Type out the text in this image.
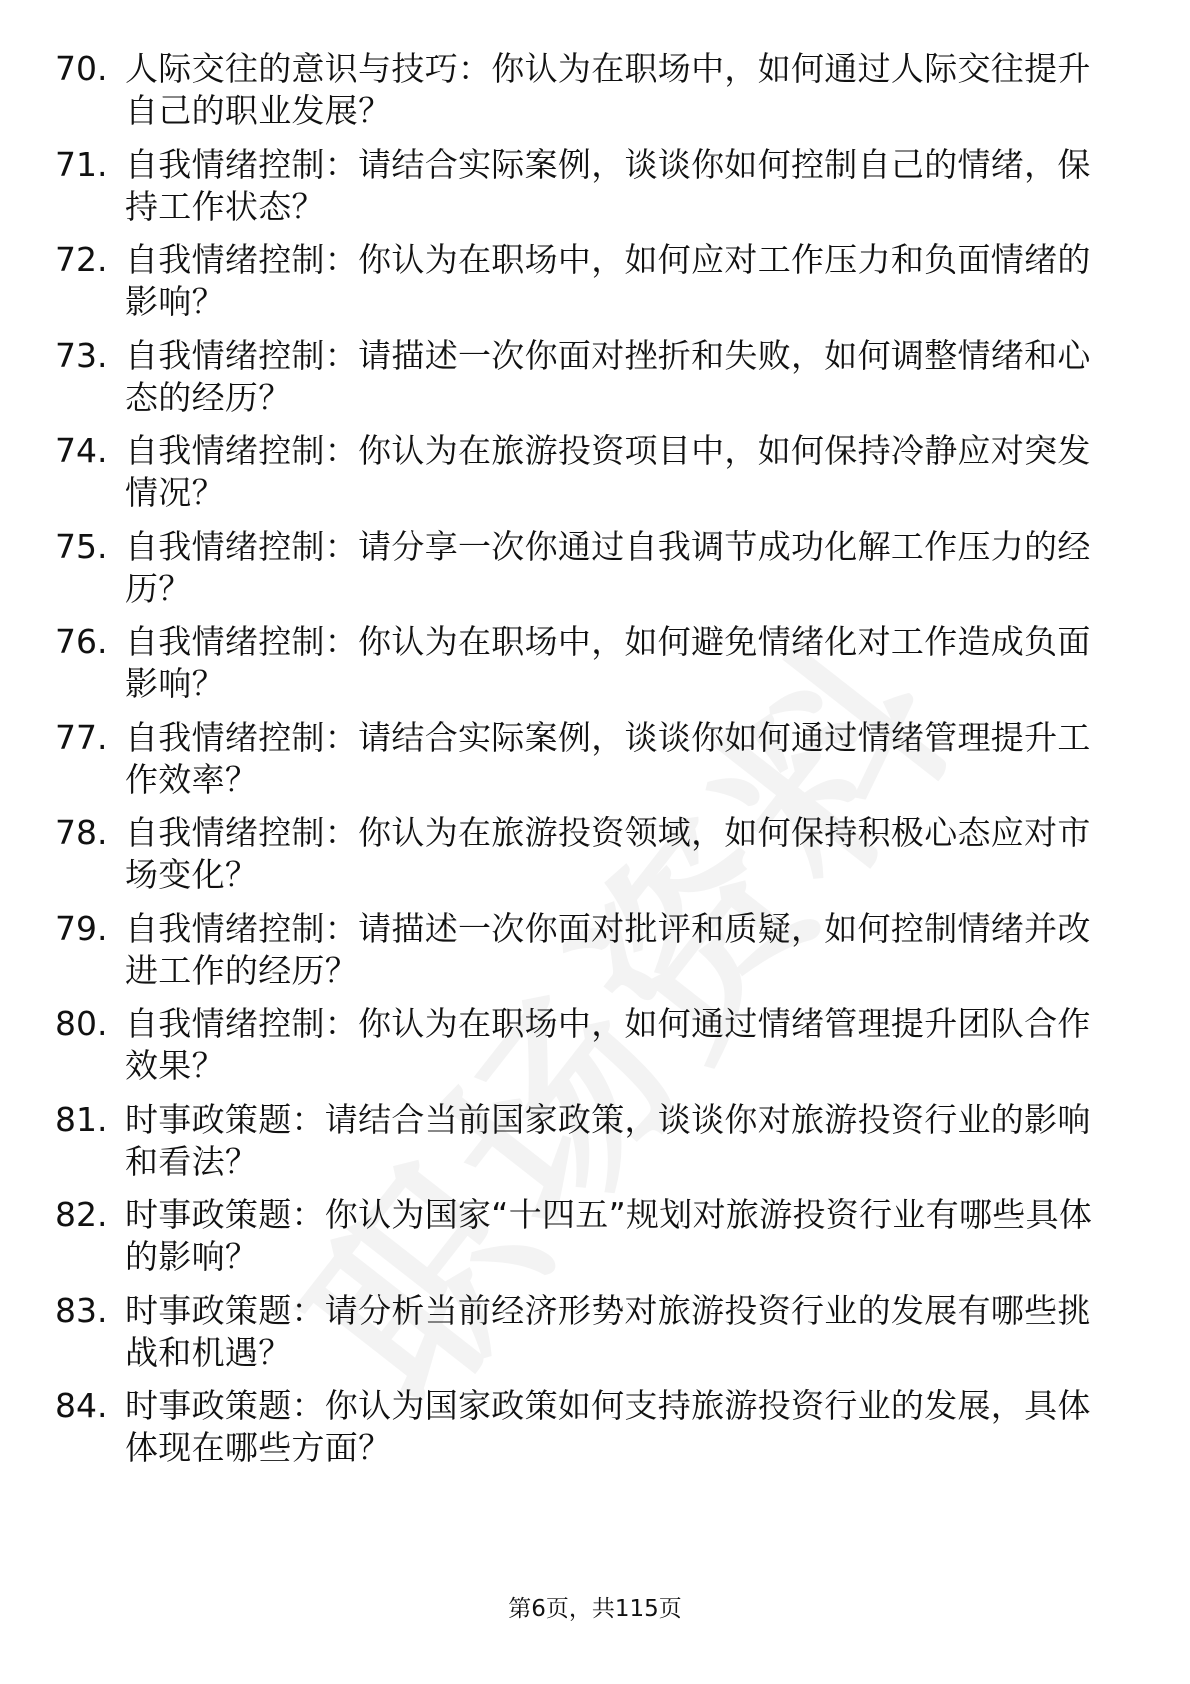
70. 人际交往的意识与技巧：你认为在职场中，如何通过人际交往提升自己的职业发展？
71. 自我情绪控制：请结合实际案例，谈谈你如何控制自己的情绪，保持工作状态？
72. 自我情绪控制：你认为在职场中，如何应对工作压力和负面情绪的影响？
73. 自我情绪控制：请描述一次你面对挫折和失败，如何调整情绪和心态的经历？
74. 自我情绪控制：你认为在旅游投资项目中，如何保持冷静应对突发情况？
75. 自我情绪控制：请分享一次你通过自我调节成功化解工作压力的经历？
76. 自我情绪控制：你认为在职场中，如何避免情绪化对工作造成负面影响？
77. 自我情绪控制：请结合实际案例，谈谈你如何通过情绪管理提升工作效率？
78. 自我情绪控制：你认为在旅游投资领域，如何保持积极心态应对市场变化？
79. 自我情绪控制：请描述一次你面对批评和质疑，如何控制情绪并改进工作的经历？
80. 自我情绪控制：你认为在职场中，如何通过情绪管理提升团队合作效果？
81. 时事政策题：请结合当前国家政策，谈谈你对旅游投资行业的影响和看法？
82. 时事政策题：你认为国家“十四五”规划对旅游投资行业有哪些具体的影响？
83. 时事政策题：请分析当前经济形势对旅游投资行业的发展有哪些挑战和机遇？
84. 时事政策题：你认为国家政策如何支持旅游投资行业的发展，具体体现在哪些方面？
第6页，共115页
